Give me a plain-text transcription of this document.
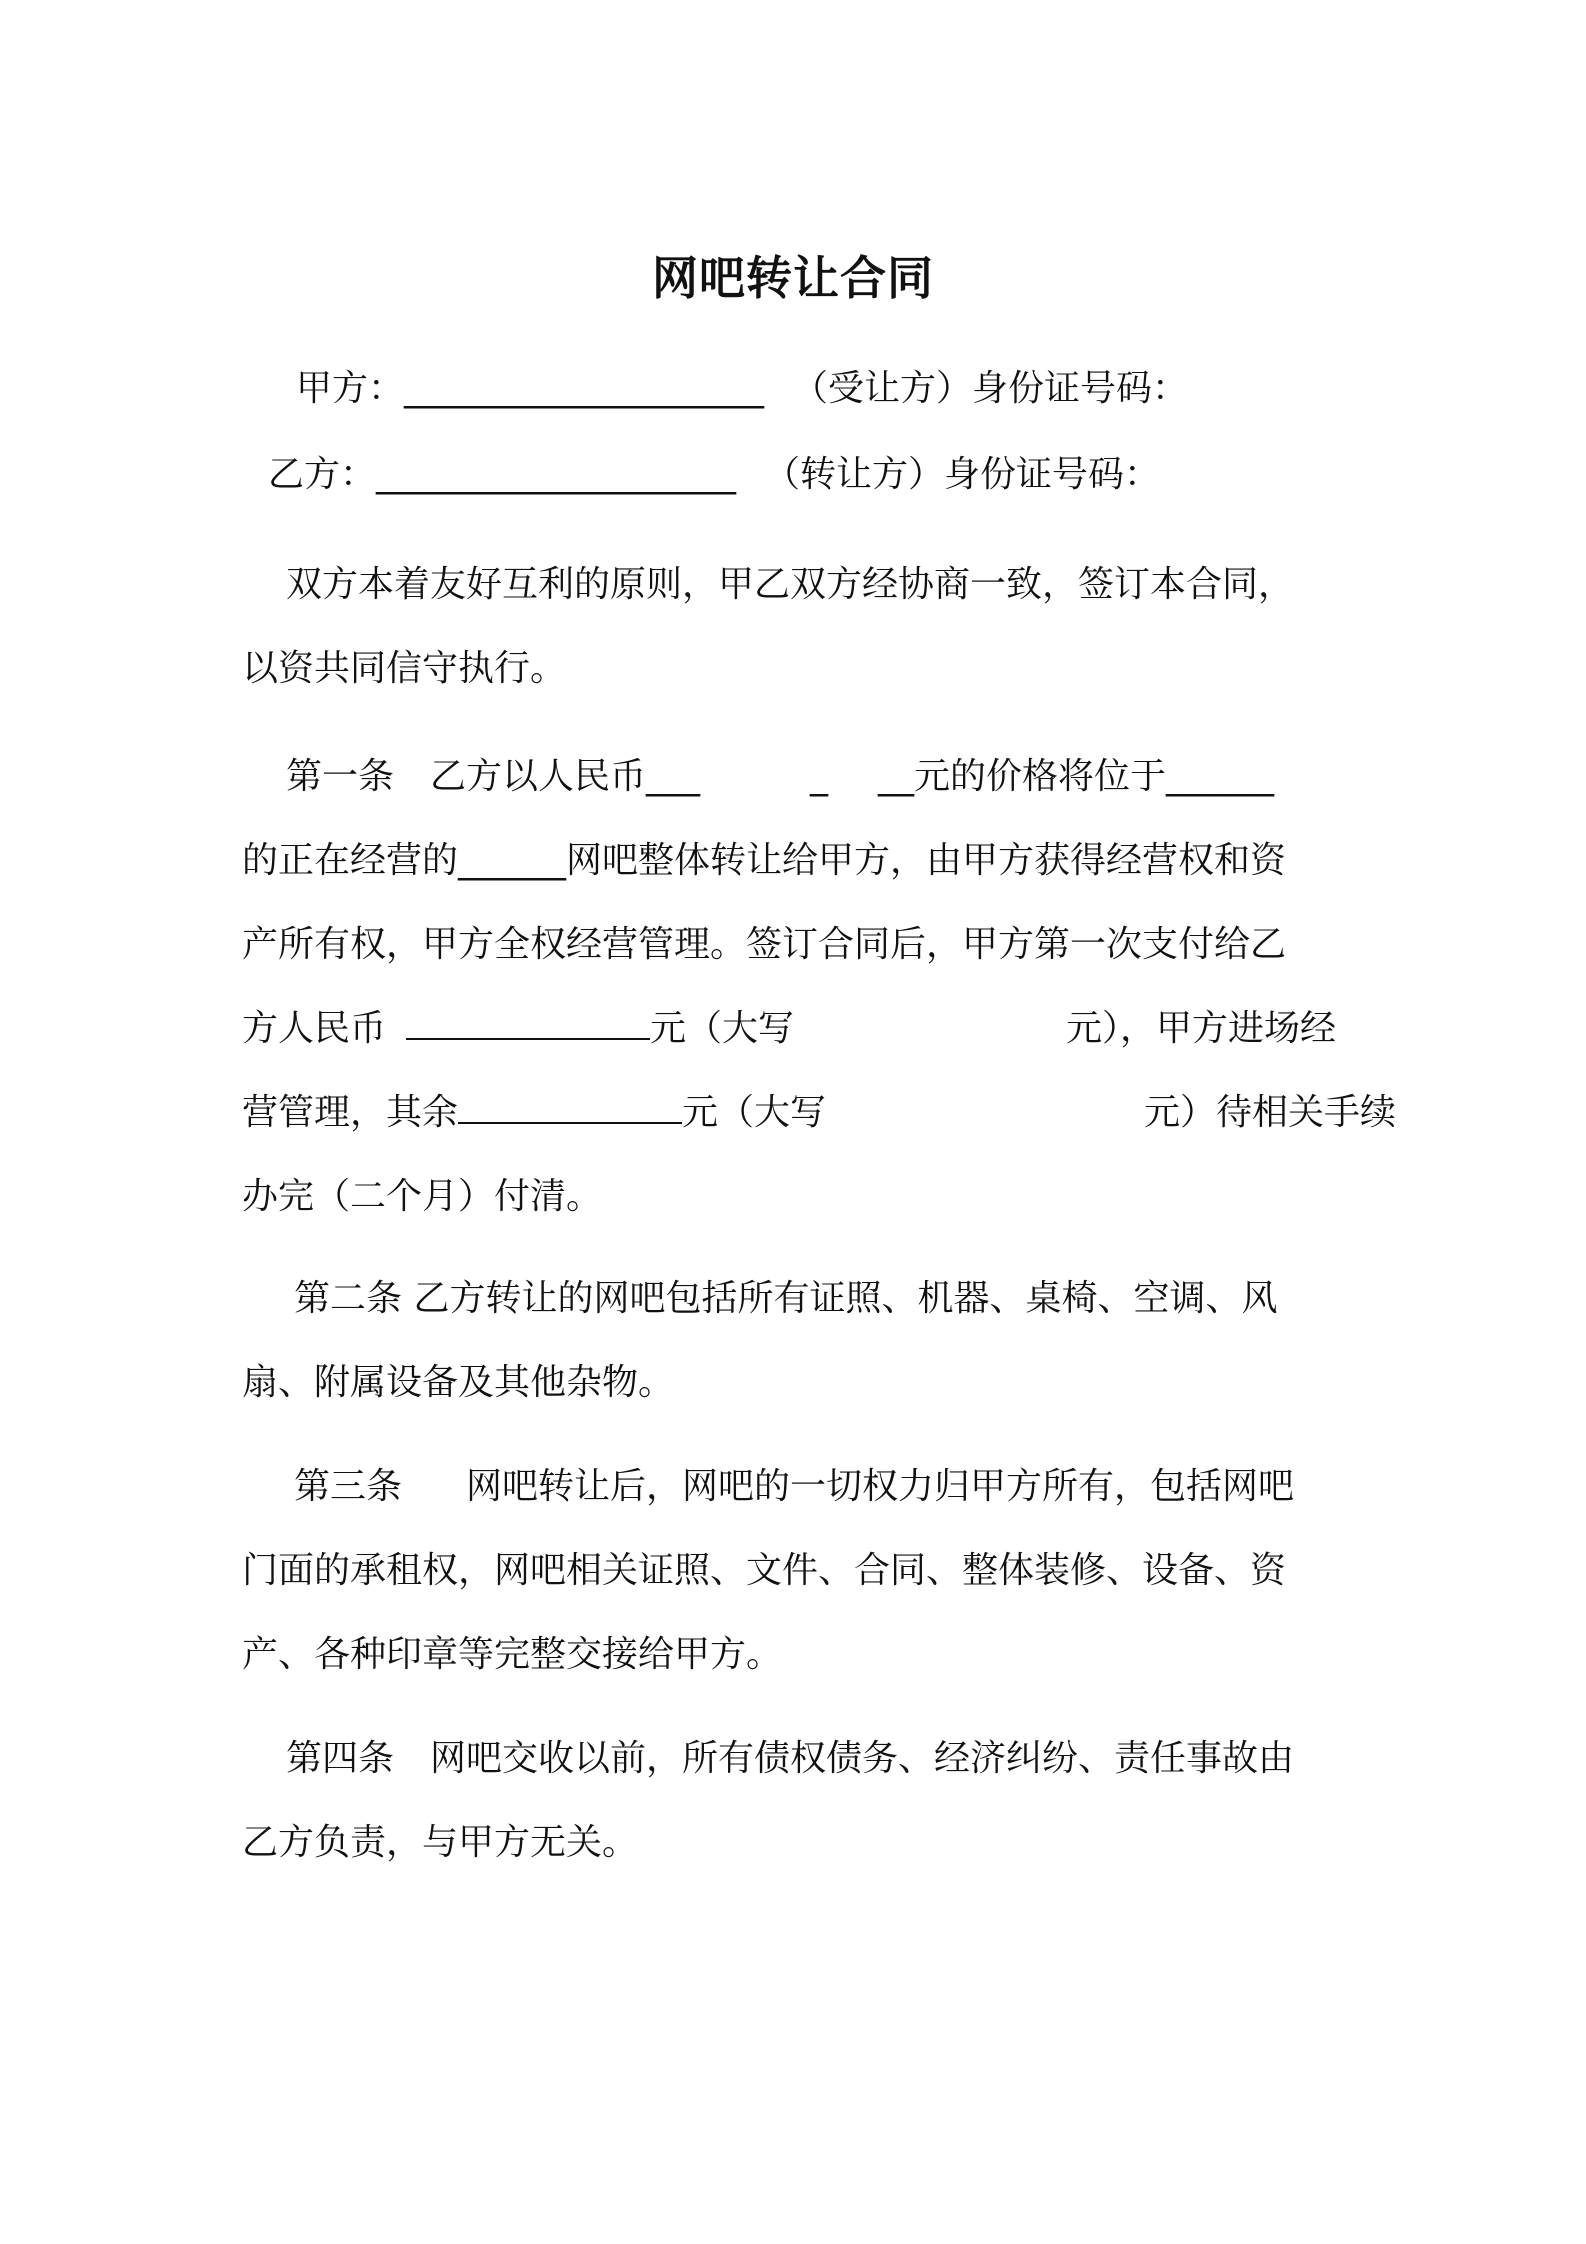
网吧转让合同
甲方：____________________ （受让方）身份证号码：
乙方：____________________ （转让方）身份证号码：
双方本着友好互利的原则，甲乙双方经协商一致，签订本合同，
以资共同信守执行。
第一条 乙方以人民币___	_ __元的价格将位于______
的正在经营的______网吧整体转让给甲方，由甲方获得经营权和资
产所有权，甲方全权经营管理。签订合同后，甲方第一次支付给乙
方人民币	元（大写	元），甲方进场经
营管理，其余	元（大写	元）待相关手续
办完（二个月）付清。
第二条 乙方转让的网吧包括所有证照、机器、桌椅、空调、风
扇、附属设备及其他杂物。
第三条 网吧转让后，网吧的一切权力归甲方所有，包括网吧
门面的承租权，网吧相关证照、文件、合同、整体装修、设备、资
产、各种印章等完整交接给甲方。
第四条 网吧交收以前，所有债权债务、经济纠纷、责任事故由
乙方负责，与甲方无关。
